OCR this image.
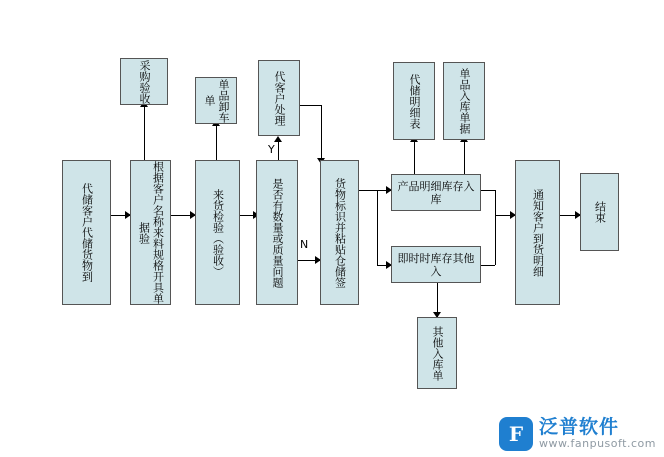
Y
N
代储客户代储货物到
采购验收
根据客户名称来料规格开具单据验
单品卸车单
来货检验（验收）	是否有数量或质量问题
代客户处理
货物标识并粘贴仓储签	产品明细库存入库
即时时库存其他入
代储明细表	单品入库单据
通知客户到货明细
其他入库单
结束
F 泛普软件
www.fanpusoft.com
